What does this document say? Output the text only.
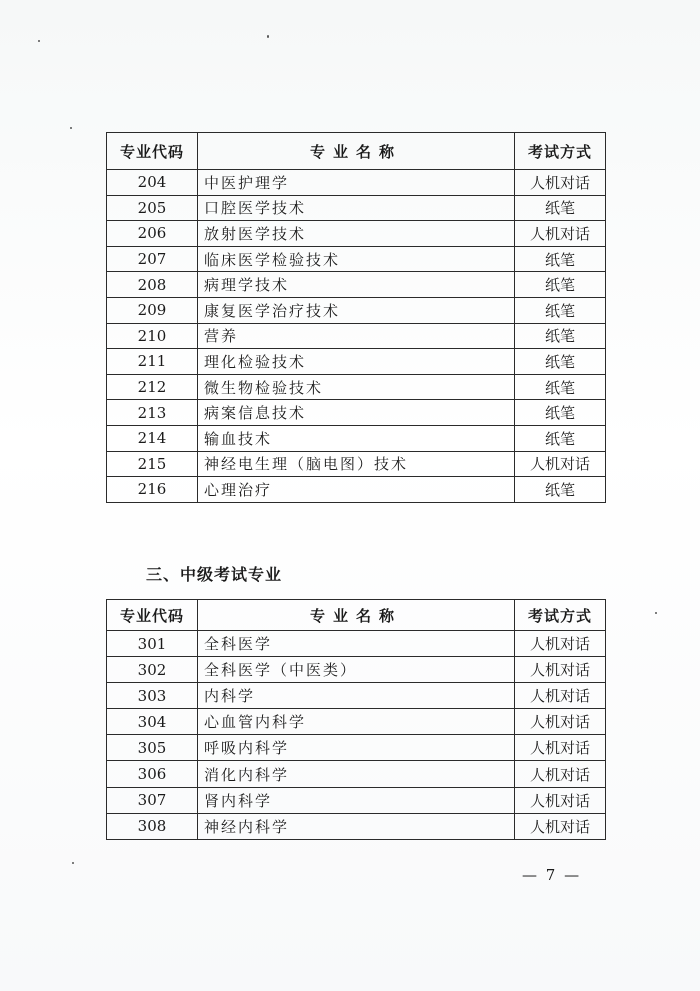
专业代码	专业名称	考试方式
204	中医护理学	人机对话
205	口腔医学技术	纸笔
206	放射医学技术	人机对话
207	临床医学检验技术	纸笔
208	病理学技术	纸笔
209	康复医学治疗技术	纸笔
210	营养	纸笔
211	理化检验技术	纸笔
212	微生物检验技术	纸笔
213	病案信息技术	纸笔
214	输血技术	纸笔
215	神经电生理（脑电图）技术	人机对话
216	心理治疗	纸笔
三、中级考试专业
专业代码	专业名称	考试方式
301	全科医学	人机对话
302	全科医学（中医类）	人机对话
303	内科学	人机对话
304	心血管内科学	人机对话
305	呼吸内科学	人机对话
306	消化内科学	人机对话
307	肾内科学	人机对话
308	神经内科学	人机对话
— 7 —
